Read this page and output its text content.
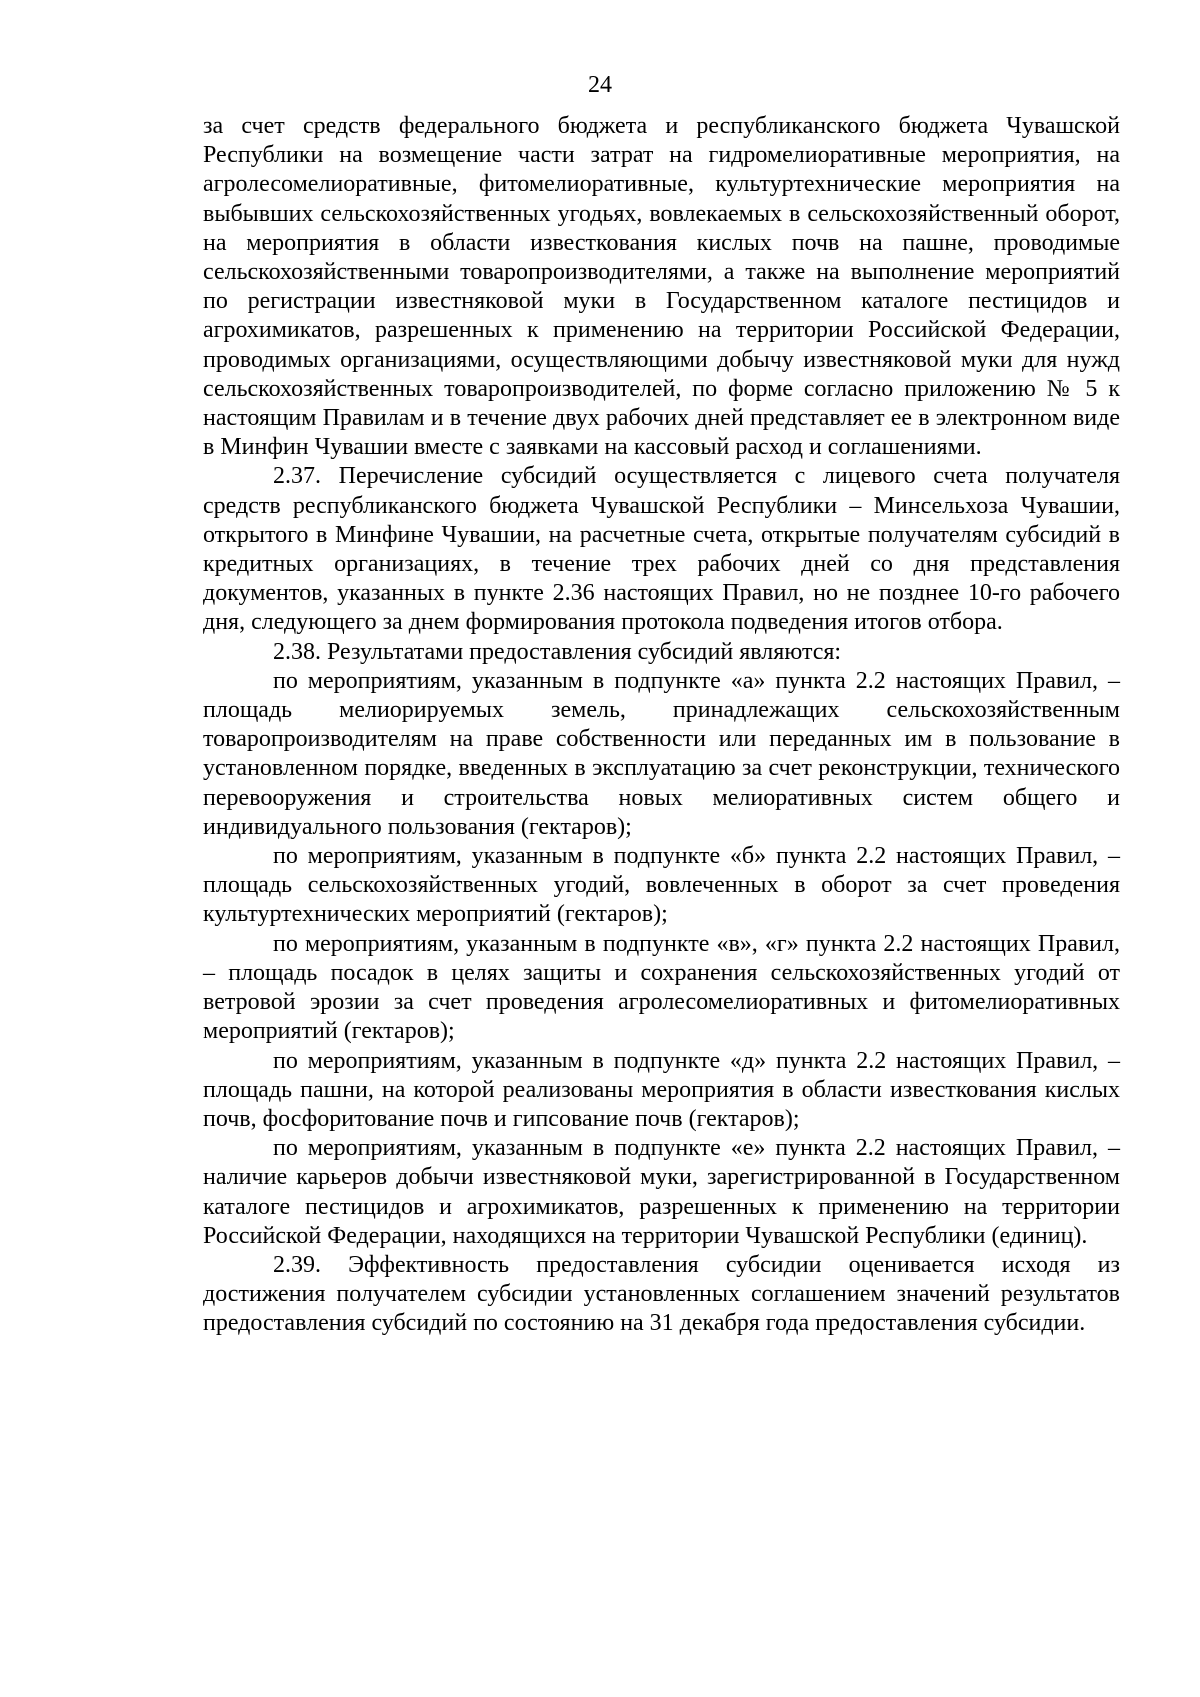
24

за счет средств федерального бюджета и республиканского бюджета Чувашской Республики на возмещение части затрат на гидромелиоративные мероприятия, на агролесомелиоративные, фитомелиоративные, культуртехнические мероприятия на выбывших сельскохозяйственных угодьях, вовлекаемых в сельскохозяйственный оборот, на мероприятия в области известкования кислых почв на пашне, проводимые сельскохозяйственными товаропроизводителями, а также на выполнение мероприятий по регистрации известняковой муки в Государственном каталоге пестицидов и агрохимикатов, разрешенных к применению на территории Российской Федерации, проводимых организациями, осуществляющими добычу известняковой муки для нужд сельскохозяйственных товаропроизводителей, по форме согласно приложению № 5 к настоящим Правилам и в течение двух рабочих дней представляет ее в электронном виде в Минфин Чувашии вместе с заявками на кассовый расход и соглашениями.

2.37. Перечисление субсидий осуществляется с лицевого счета получателя средств республиканского бюджета Чувашской Республики – Минсельхоза Чувашии, открытого в Минфине Чувашии, на расчетные счета, открытые получателям субсидий в кредитных организациях, в течение трех рабочих дней со дня представления документов, указанных в пункте 2.36 настоящих Правил, но не позднее 10-го рабочего дня, следующего за днем формирования протокола подведения итогов отбора.

2.38. Результатами предоставления субсидий являются:

по мероприятиям, указанным в подпункте «а» пункта 2.2 настоящих Правил, – площадь мелиорируемых земель, принадлежащих сельскохозяйственным товаропроизводителям на праве собственности или переданных им в пользование в установленном порядке, введенных в эксплуатацию за счет реконструкции, технического перевооружения и строительства новых мелиоративных систем общего и индивидуального пользования (гектаров);

по мероприятиям, указанным в подпункте «б» пункта 2.2 настоящих Правил, – площадь сельскохозяйственных угодий, вовлеченных в оборот за счет проведения культуртехнических мероприятий (гектаров);

по мероприятиям, указанным в подпункте «в», «г» пункта 2.2 настоящих Правил, – площадь посадок в целях защиты и сохранения сельскохозяйственных угодий от ветровой эрозии за счет проведения агролесомелиоративных и фитомелиоративных мероприятий (гектаров);

по мероприятиям, указанным в подпункте «д» пункта 2.2 настоящих Правил, – площадь пашни, на которой реализованы мероприятия в области известкования кислых почв, фосфоритование почв и гипсование почв (гектаров);

по мероприятиям, указанным в подпункте «е» пункта 2.2 настоящих Правил, – наличие карьеров добычи известняковой муки, зарегистрированной в Государственном каталоге пестицидов и агрохимикатов, разрешенных к применению на территории Российской Федерации, находящихся на территории Чувашской Республики (единиц).

2.39. Эффективность предоставления субсидии оценивается исходя из достижения получателем субсидии установленных соглашением значений результатов предоставления субсидий по состоянию на 31 декабря года предоставления субсидии.
